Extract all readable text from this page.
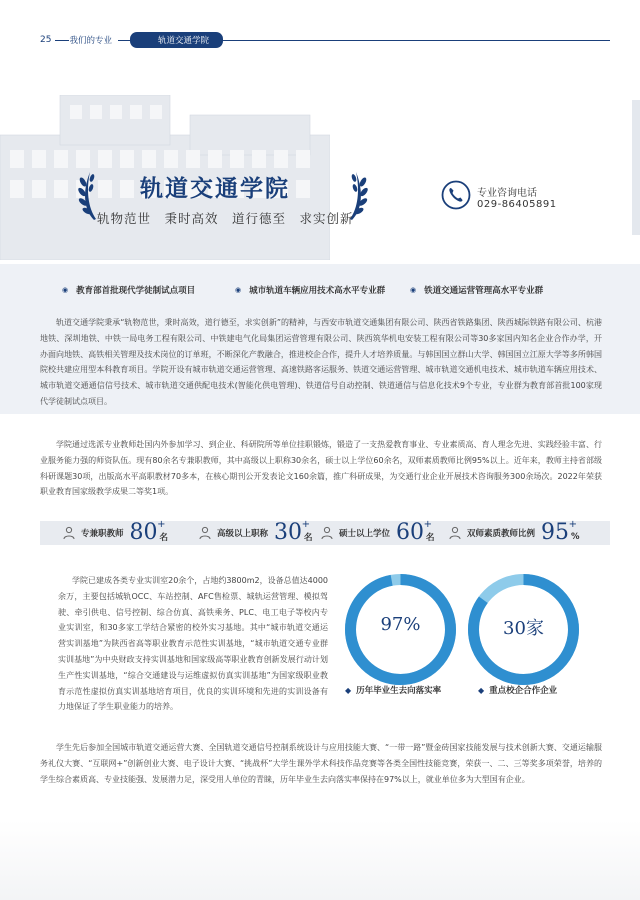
25	我们的专业	轨道交通学院
轨道交通学院
轨物范世　秉时高效　道行德至　求实创新
专业咨询电话
029-86405891
◉ 教育部首批现代学徒制试点项目	◉ 城市轨道车辆应用技术高水平专业群	◉ 铁道交通运营管理高水平专业群
轨道交通学院秉承“轨物范世，秉时高效，道行德至，求实创新”的精神，与西安市轨道交通集团有限公司、陕西省铁路集团、陕西城际铁路有限公司、杭港地铁、深圳地铁、中铁一局电务工程有限公司、中铁建电气化局集团运营管理有限公司、陕西筑华机电安装工程有限公司等30多家国内知名企业合作办学，开办面向地铁、高铁相关管理及技术岗位的订单班，不断深化产教融合，推进校企合作，提升人才培养质量。与韩国国立群山大学、韩国国立江原大学等多所韩国院校共建应用型本科教育项目。学院开设有城市轨道交通运营管理、高速铁路客运服务、铁道交通运营管理、城市轨道交通机电技术、城市轨道车辆应用技术、城市轨道交通通信信号技术、城市轨道交通供配电技术(智能化供电管理)、铁道信号自动控制、铁道通信与信息化技术9个专业，专业群为教育部首批100家现代学徒制试点项目。
学院通过选派专业教师赴国内外参加学习、到企业、科研院所等单位挂职锻炼，锻造了一支热爱教育事业、专业素质高、育人理念先进、实践经验丰富、行业服务能力强的师资队伍。现有80余名专兼职教师，其中高级以上职称30余名，硕士以上学位60余名，双师素质教师比例95%以上。近年来，教师主持省部级科研课题30项，出版高水平高职教材70多本，在核心期刊公开发表论文160余篇，推广科研成果，为交通行业企业开展技术咨询服务300余场次。2022年荣获职业教育国家级教学成果二等奖1项。
专兼职教师 80 +
名	高级以上职称 30 +
名	硕士以上学位 60 +
名	双师素质教师比例 95 +
%
学院已建成各类专业实训室20余个，占地约3800m2，设备总值达4000余万，主要包括城轨OCC、车站控制、AFC售检票、城轨运营管理、模拟驾驶、牵引供电、信号控制、综合仿真、高铁乘务、PLC、电工电子等校内专业实训室，和30多家工学结合紧密的校外实习基地。其中“城市轨道交通运营实训基地”为陕西省高等职业教育示范性实训基地，“城市轨道交通专业群实训基地”为中央财政支持实训基地和国家级高等职业教育创新发展行动计划生产性实训基地，“综合交通建设与运维虚拟仿真实训基地”为国家级职业教育示范性虚拟仿真实训基地培育项目，优良的实训环境和先进的实训设备有力地保证了学生职业能力的培养。
97%	30家
◆ 历年毕业生去向落实率	◆ 重点校企合作企业
学生先后参加全国城市轨道交通运营大赛、全国轨道交通信号控制系统设计与应用技能大赛、“一带一路”暨金砖国家技能发展与技术创新大赛、交通运输服务礼仪大赛、“互联网+”创新创业大赛、电子设计大赛、“挑战杯”大学生课外学术科技作品竞赛等各类全国性技能竞赛，荣获一、二、三等奖多项荣誉，培养的学生综合素质高、专业技能强、发展潜力足，深受用人单位的青睐，历年毕业生去向落实率保持在97%以上，就业单位多为大型国有企业。
